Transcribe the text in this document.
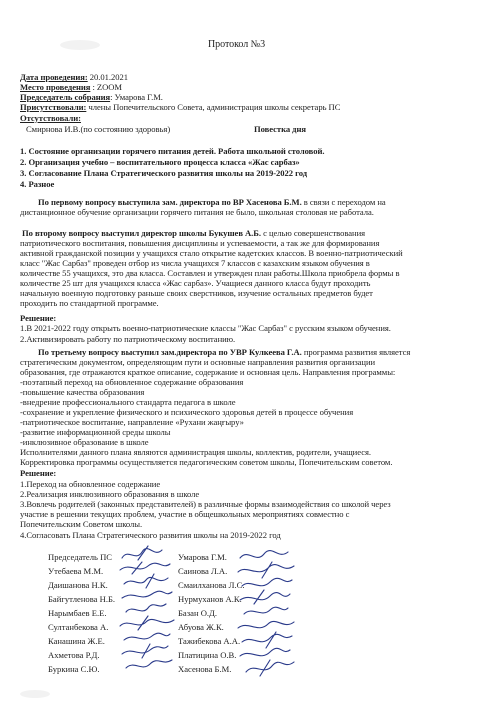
Протокол №3
Дата проведения: 20.01.2021
Место проведения : ZOOM
Председатель собрания: Умарова Г.М.
Присутствовали: члены Попечительского Совета, администрация школы секретарь ПС
Отсутствовали:
Смирнова И.В.(по состоянию здоровья)	Повестка дня
1. Состояние организации горячего питания детей. Работа школьной столовой.
2. Организация учебно – воспитательного процесса класса «Жас сарбаз»
3. Согласование Плана Стратегического развития школы на 2019-2022 год
4. Разное
По первому вопросу выступила зам. директора по ВР Хасенова Б.М. в связи с переходом на
дистанционное обучение организации горячего питания не было, школьная столовая не работала.
По второму вопросу выступил директор школы Букушев А.Б. с целью совершенствования
патриотического воспитания, повышения дисциплины и успеваемости, а так же для формирования
активной гражданской позиции у учащихся стало открытие кадетских классов. В военно-патриотический
класс "Жас Сарбаз" проведен отбор из числа учащихся 7 классов с казахским языком обучения в
количестве 55 учащихся, это два класса. Составлен и утвержден план работы.Школа приобрела формы в
количестве 25 шт для учащихся класса «Жас сарбаз». Учащиеся данного класса будут проходить
начальную военную подготовку раньше своих сверстников, изучение остальных предметов будет
проходить по стандартной программе.
Решение:
1.В 2021-2022 году открыть военно-патриотические классы "Жас Сарбаз" с русским языком обучения.
2.Активизировать работу по патриотическому воспитанию.
По третьему вопросу выступил зам.директора по УВР Кулкеева Г.А. программа развития является
стратегическим документом, определяющим пути и основные направления развития организации
образования, где отражаются краткое описание, содержание и основная цель. Направления программы:
-поэтапный переход на обновленное содержание образования
-повышение качества образования
-внедрение профессионального стандарта педагога в школе
-сохранение и укрепление физического и психического здоровья детей в процессе обучения
-патриотическое воспитание, направление «Рухани жаңғыру»
-развитие информационной среды школы
-инклюзивное образование в школе
Исполнителями данного плана являются администрация школы, коллектив, родители, учащиеся.
Корректировка программы осуществляется педагогическим советом школы, Попечительским советом.
Решение:
1.Переход на обновленное содержание
2.Реализация инклюзивного образования в школе
3.Вовлечь родителей (законных представителей) в различные формы взаимодействия со школой через
участие в решении текущих проблем, участие в общешкольных мероприятиях совместно с
Попечительским Советом школы.
4.Согласовать Плана Стратегического развития школы на 2019-2022 год
Председатель ПС
Утебаева М.М.
Даишанова Н.К.
Байгутленова Н.Б.
Нарымбаев Е.Е.
Султанбекова А.
Канашина Ж.Е.
Ахметова Р.Д.
Буркина С.Ю.
Умарова Г.М.
Саинова Л.А.
Смаилханова Л.С.
Нурмуханов А.К.
Базан О.Д.
Абуова Ж.К.
Тажибекова А.А.
Платицина О.В.
Хасенова Б.М.
